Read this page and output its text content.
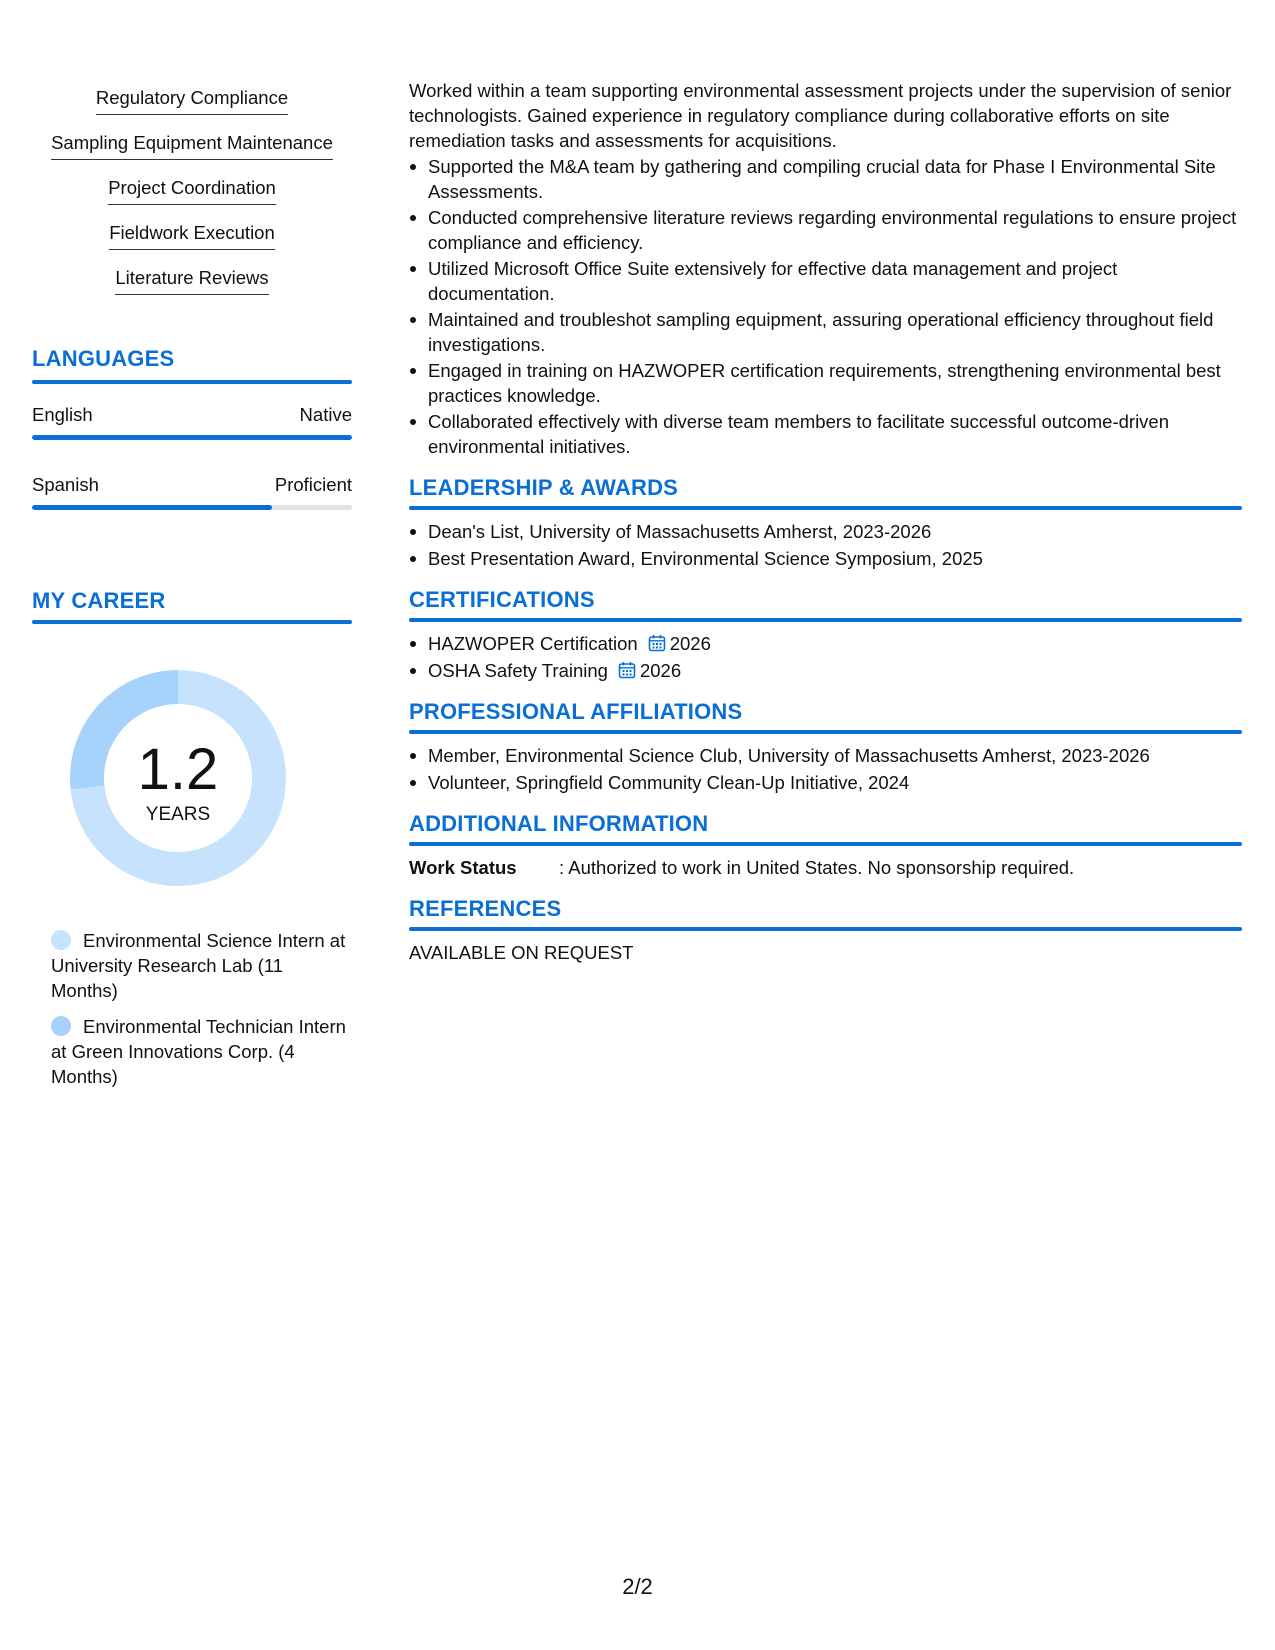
Regulatory Compliance
Sampling Equipment Maintenance
Project Coordination
Fieldwork Execution
Literature Reviews
LANGUAGES
English	Native
Spanish	Proficient
MY CAREER
1.2
YEARS
Environmental Science Intern at University Research Lab (11 Months)
Environmental Technician Intern at Green Innovations Corp. (4 Months)

Worked within a team supporting environmental assessment projects under the supervision of senior technologists. Gained experience in regulatory compliance during collaborative efforts on site remediation tasks and assessments for acquisitions.

Supported the M&A team by gathering and compiling crucial data for Phase I Environmental Site Assessments.
Conducted comprehensive literature reviews regarding environmental regulations to ensure project compliance and efficiency.
Utilized Microsoft Office Suite extensively for effective data management and project documentation.
Maintained and troubleshot sampling equipment, assuring operational efficiency throughout field investigations.
Engaged in training on HAZWOPER certification requirements, strengthening environmental best practices knowledge.
Collaborated effectively with diverse team members to facilitate successful outcome-driven environmental initiatives.
LEADERSHIP & AWARDS
Dean's List, University of Massachusetts Amherst, 2023-2026
Best Presentation Award, Environmental Science Symposium, 2025
CERTIFICATIONS
HAZWOPER Certification 2026
OSHA Safety Training 2026
PROFESSIONAL AFFILIATIONS
Member, Environmental Science Club, University of Massachusetts Amherst, 2023-2026
Volunteer, Springfield Community Clean-Up Initiative, 2024
ADDITIONAL INFORMATION
Work Status	: Authorized to work in United States. No sponsorship required.
REFERENCES
AVAILABLE ON REQUEST
2/2
